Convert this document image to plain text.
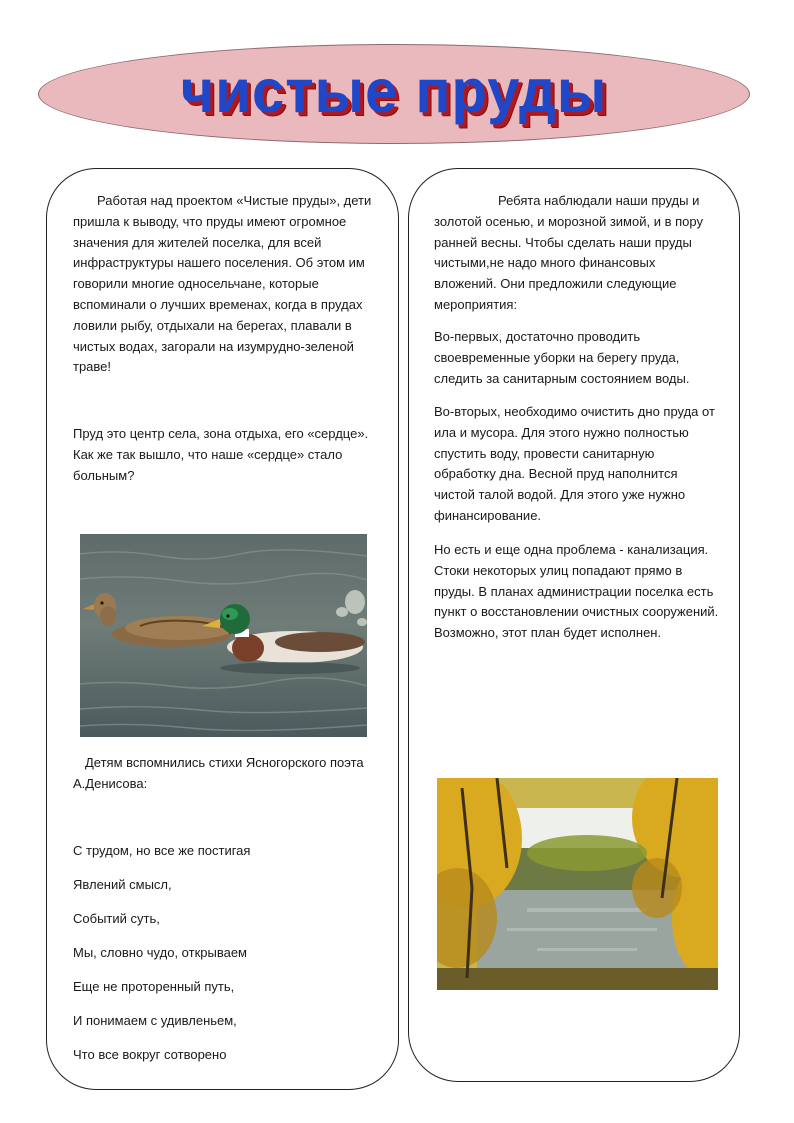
чистые пруды

Работая над проектом «Чистые пруды», дети пришла к выводу, что пруды имеют огромное значения для жителей поселка, для всей инфраструктуры нашего поселения. Об этом им говорили многие односельчане, которые вспоминали о лучших временах, когда в прудах ловили рыбу, отдыхали на берегах, плавали в чистых водах, загорали на изумрудно-зеленой траве!

Пруд это центр села, зона отдыха, его «сердце». Как же так вышло, что наше «сердце» стало больным?

Детям вспомнились стихи Ясногорского поэта А.Денисова:

С трудом, но все же постигая
Явлений смысл,
Событий суть,
Мы, словно чудо, открываем
Еще не проторенный путь,
И понимаем с удивленьем,
Что все вокруг сотворено

Ребята наблюдали наши пруды и золотой осенью, и морозной зимой, и в пору ранней весны. Чтобы сделать наши пруды чистыми,не надо много финансовых вложений. Они предложили следующие мероприятия:

Во-первых, достаточно проводить своевременные уборки на берегу пруда, следить за санитарным состоянием воды.

Во-вторых, необходимо очистить дно пруда от ила и мусора. Для этого нужно полностью спустить воду, провести санитарную обработку дна. Весной пруд наполнится чистой талой водой. Для этого уже нужно финансирование.

Но есть и еще одна проблема - канализация. Стоки некоторых улиц попадают прямо в пруды. В планах администрации поселка есть пункт о восстановлении очистных сооружений. Возможно, этот план будет исполнен.
